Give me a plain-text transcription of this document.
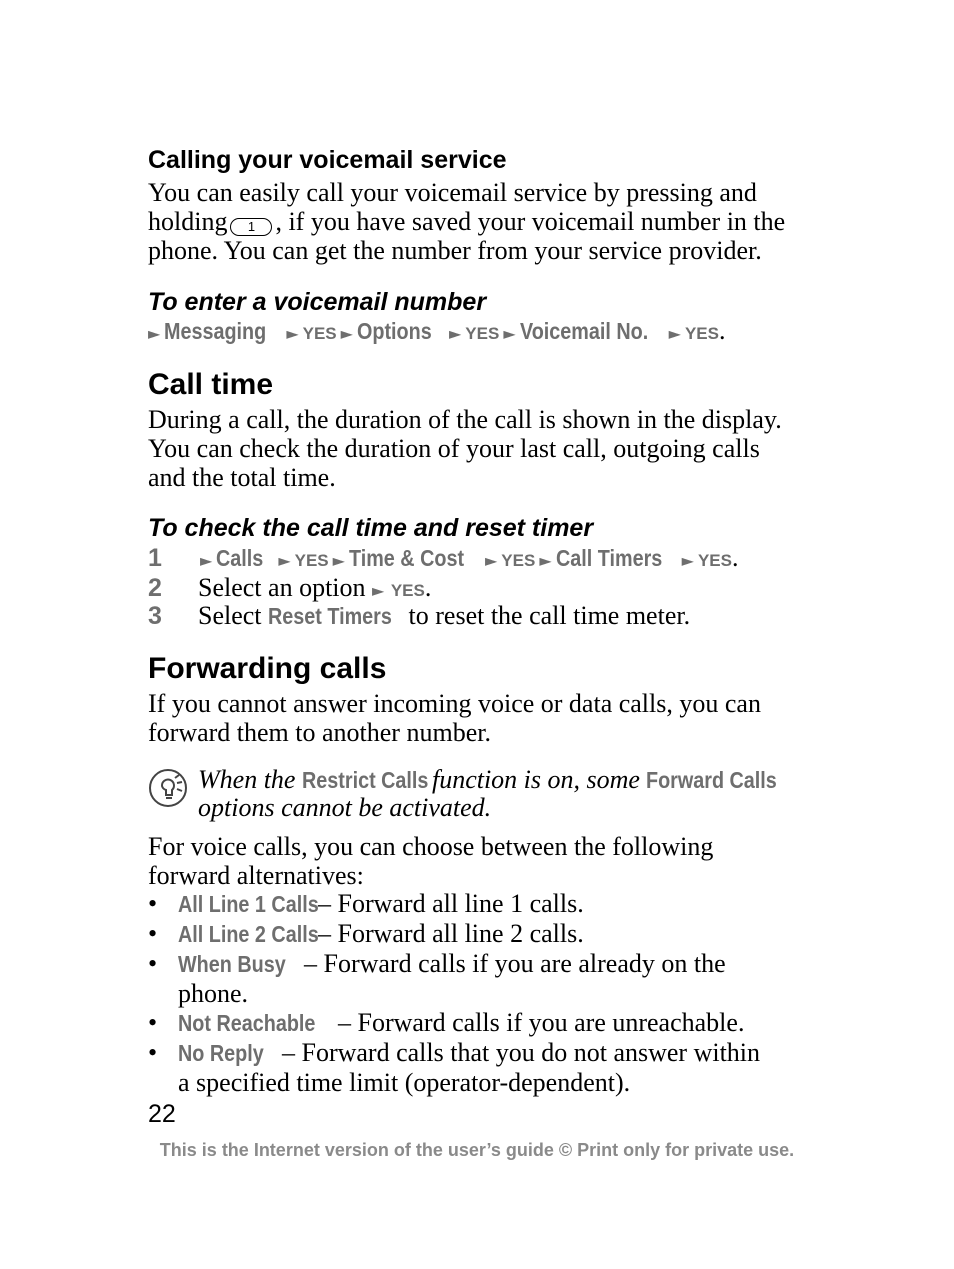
Calling your voicemail service
You can easily call your voicemail service by pressing and
holding 1 , if you have saved your voicemail number in the
phone. You can get the number from your service provider.
To enter a voicemail number
► Messaging ► YES ► Options ► YES ► Voicemail No. ► YES.
Call time
During a call, the duration of the call is shown in the display.
You can check the duration of your last call, outgoing calls
and the total time.
To check the call time and reset timer
1 ► Calls ► YES ► Time & Cost ► YES ► Call Timers ► YES.
2 Select an option ► YES.
3 Select Reset Timers to reset the call time meter.
Forwarding calls
If you cannot answer incoming voice or data calls, you can
forward them to another number.
When the Restrict Calls function is on, some Forward Calls
options cannot be activated.
For voice calls, you can choose between the following
forward alternatives:
• All Line 1 Calls– Forward all line 1 calls.
• All Line 2 Calls– Forward all line 2 calls.
• When Busy – Forward calls if you are already on the
phone.
• Not Reachable – Forward calls if you are unreachable.
• No Reply – Forward calls that you do not answer within
a specified time limit (operator-dependent).
22
This is the Internet version of the user’s guide © Print only for private use.
